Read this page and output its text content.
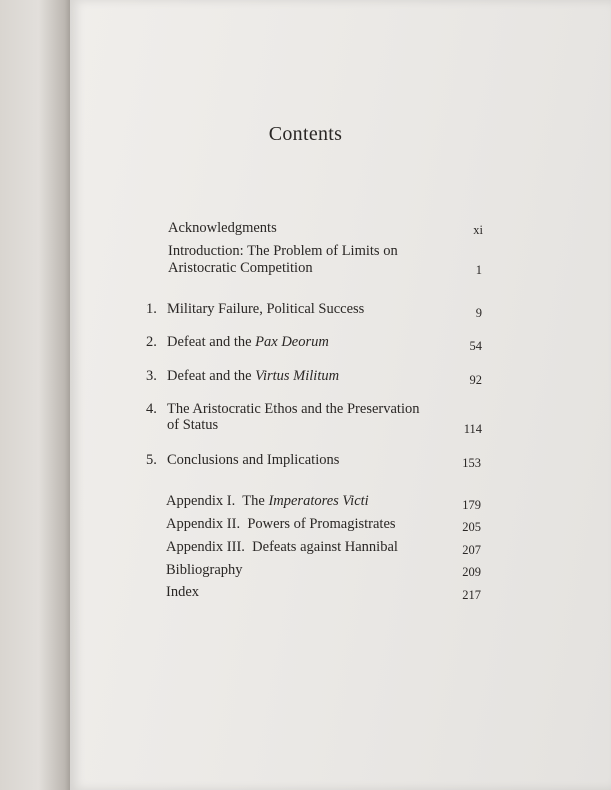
Contents
Acknowledgments	xi
Introduction: The Problem of Limits on
Aristocratic Competition	1
1. Military Failure, Political Success	9
2. Defeat and the Pax Deorum	54
3. Defeat and the Virtus Militum	92
4. The Aristocratic Ethos and the Preservation
of Status	114
5. Conclusions and Implications	153
Appendix I. The Imperatores Victi	179
Appendix II. Powers of Promagistrates	205
Appendix III. Defeats against Hannibal	207
Bibliography	209
Index	217
